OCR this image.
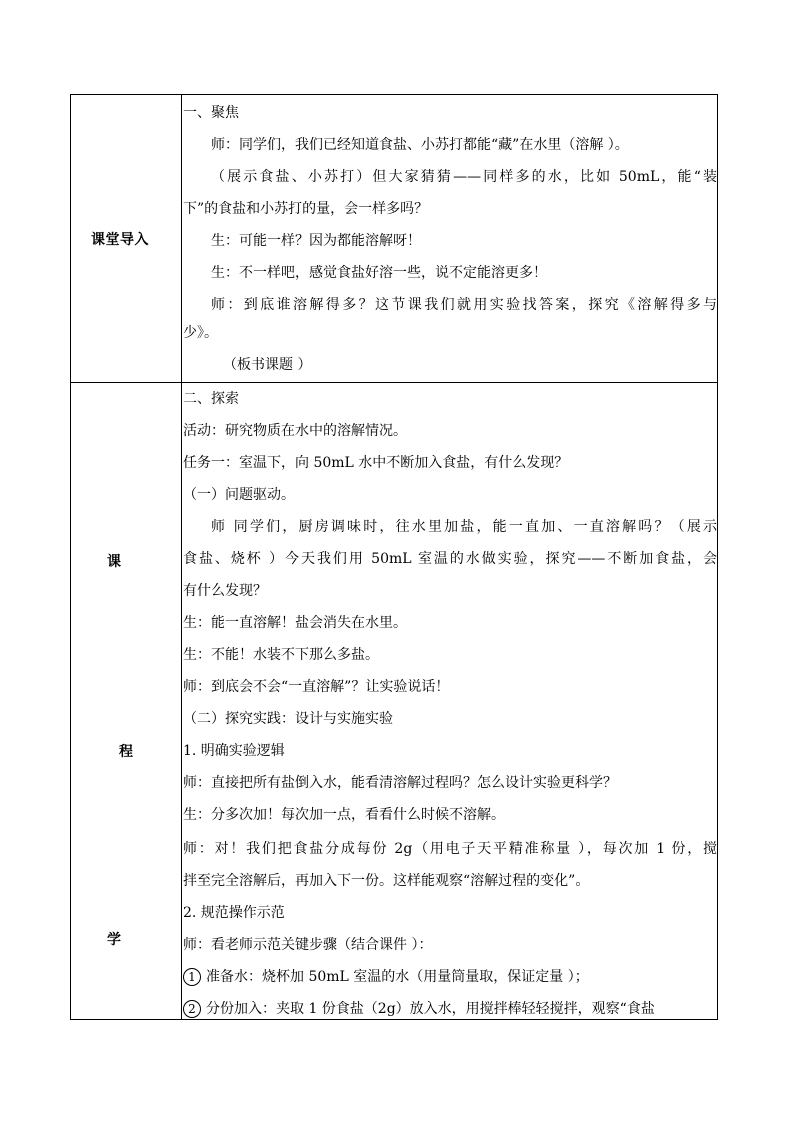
课堂导入
一、聚焦
师：同学们，我们已经知道食盐、小苏打都能“藏”在水里（溶解 ）。
（展示食盐、小苏打）但大家猜猜——同样多的水，比如 50mL，能“装
下”的食盐和小苏打的量，会一样多吗？
生：可能一样？因为都能溶解呀！
生：不一样吧，感觉食盐好溶一些，说不定能溶更多！
师：到底谁溶解得多？这节课我们就用实验找答案，探究《溶解得多与
少》。
（板书课题 ）
课
程
学
二、探索
活动：研究物质在水中的溶解情况。
任务一：室温下，向 50mL 水中不断加入食盐，有什么发现？
（一）问题驱动。
师 同学们，厨房调味时，往水里加盐，能一直加、一直溶解吗？（展示
食盐、烧杯 ）今天我们用 50mL 室温的水做实验，探究——不断加食盐，会
有什么发现？
生：能一直溶解！盐会消失在水里。
生：不能！水装不下那么多盐。
师：到底会不会“一直溶解”？让实验说话！
（二）探究实践：设计与实施实验
1. 明确实验逻辑
师：直接把所有盐倒入水，能看清溶解过程吗？怎么设计实验更科学？
生：分多次加！每次加一点，看看什么时候不溶解。
师：对！我们把食盐分成每份 2g（用电子天平精准称量 ），每次加 1 份，搅
拌至完全溶解后，再加入下一份。这样能观察“溶解过程的变化”。
2. 规范操作示范
师：看老师示范关键步骤（结合课件 ）：
1 准备水：烧杯加 50mL 室温的水（用量筒量取，保证定量 ）；
2 分份加入：夹取 1 份食盐（2g）放入水，用搅拌棒轻轻搅拌，观察“食盐
